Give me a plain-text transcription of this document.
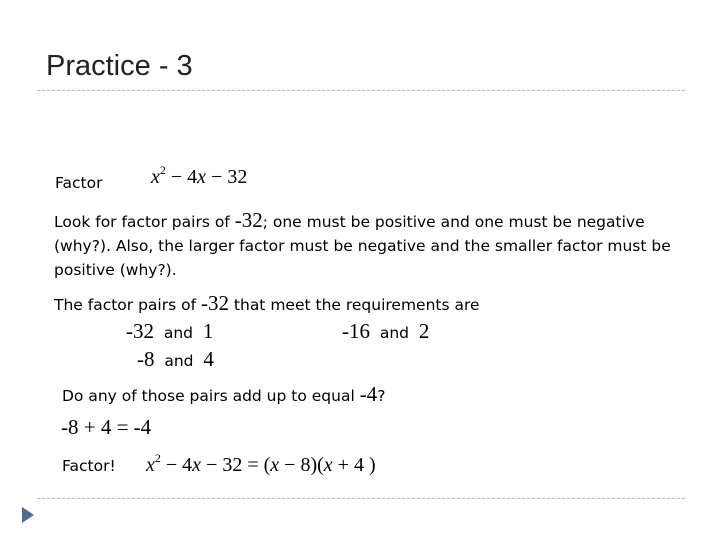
Practice - 3
Factor $x^2 - 4x - 32$
Look for factor pairs of -32; one must be positive and one must be negative (why?). Also, the larger factor must be negative and the smaller factor must be positive (why?).
The factor pairs of -32 that meet the requirements are
-32 and 1	-16 and 2
-8 and 4
Do any of those pairs add up to equal -4?
-8 + 4 = -4
Factor! $x^2 - 4x - 32 = (x - 8)(x + 4$ )
